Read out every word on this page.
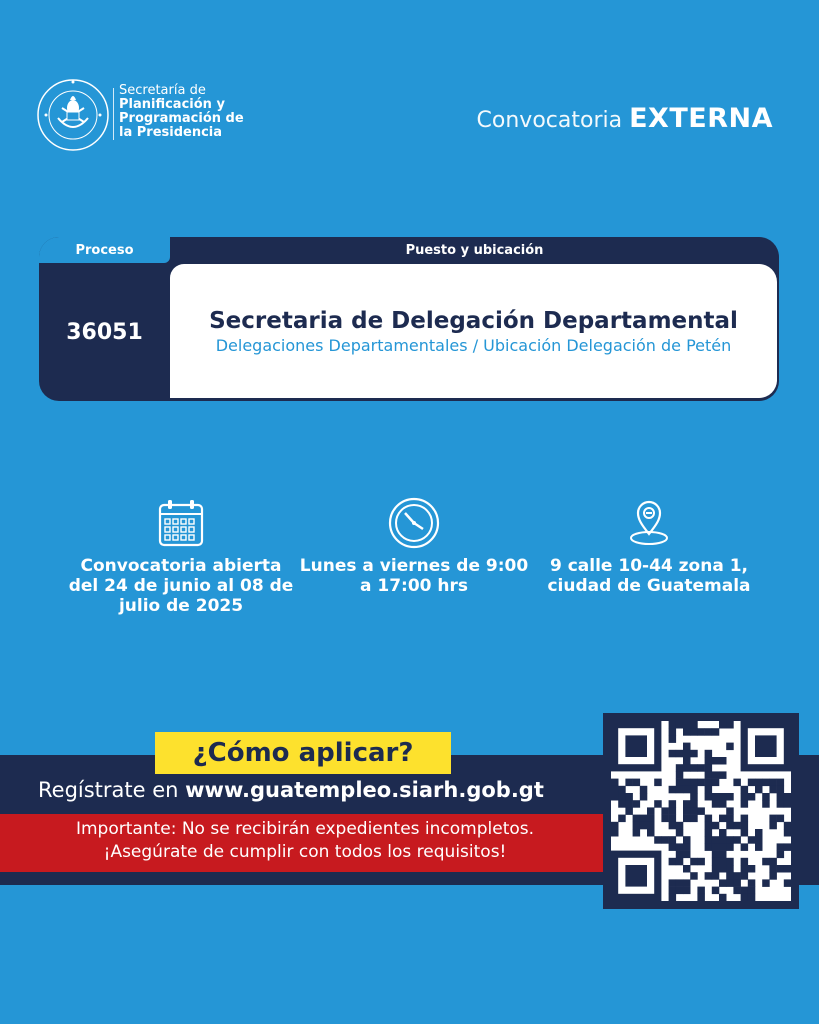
Secretaría de
Planificación y
Programación de
la Presidencia	Convocatoria EXTERNA
Proceso	Puesto y ubicación
36051	Secretaria de Delegación Departamental
Delegaciones Departamentales / Ubicación Delegación de Petén
Convocatoria abierta del 24 de junio al 08 de julio de 2025
Lunes a viernes de 9:00 a 17:00 hrs
9 calle 10-44 zona 1, ciudad de Guatemala
¿Cómo aplicar?
Regístrate en www.guatempleo.siarh.gob.gt
Importante: No se recibirán expedientes incompletos.
¡Asegúrate de cumplir con todos los requisitos!
